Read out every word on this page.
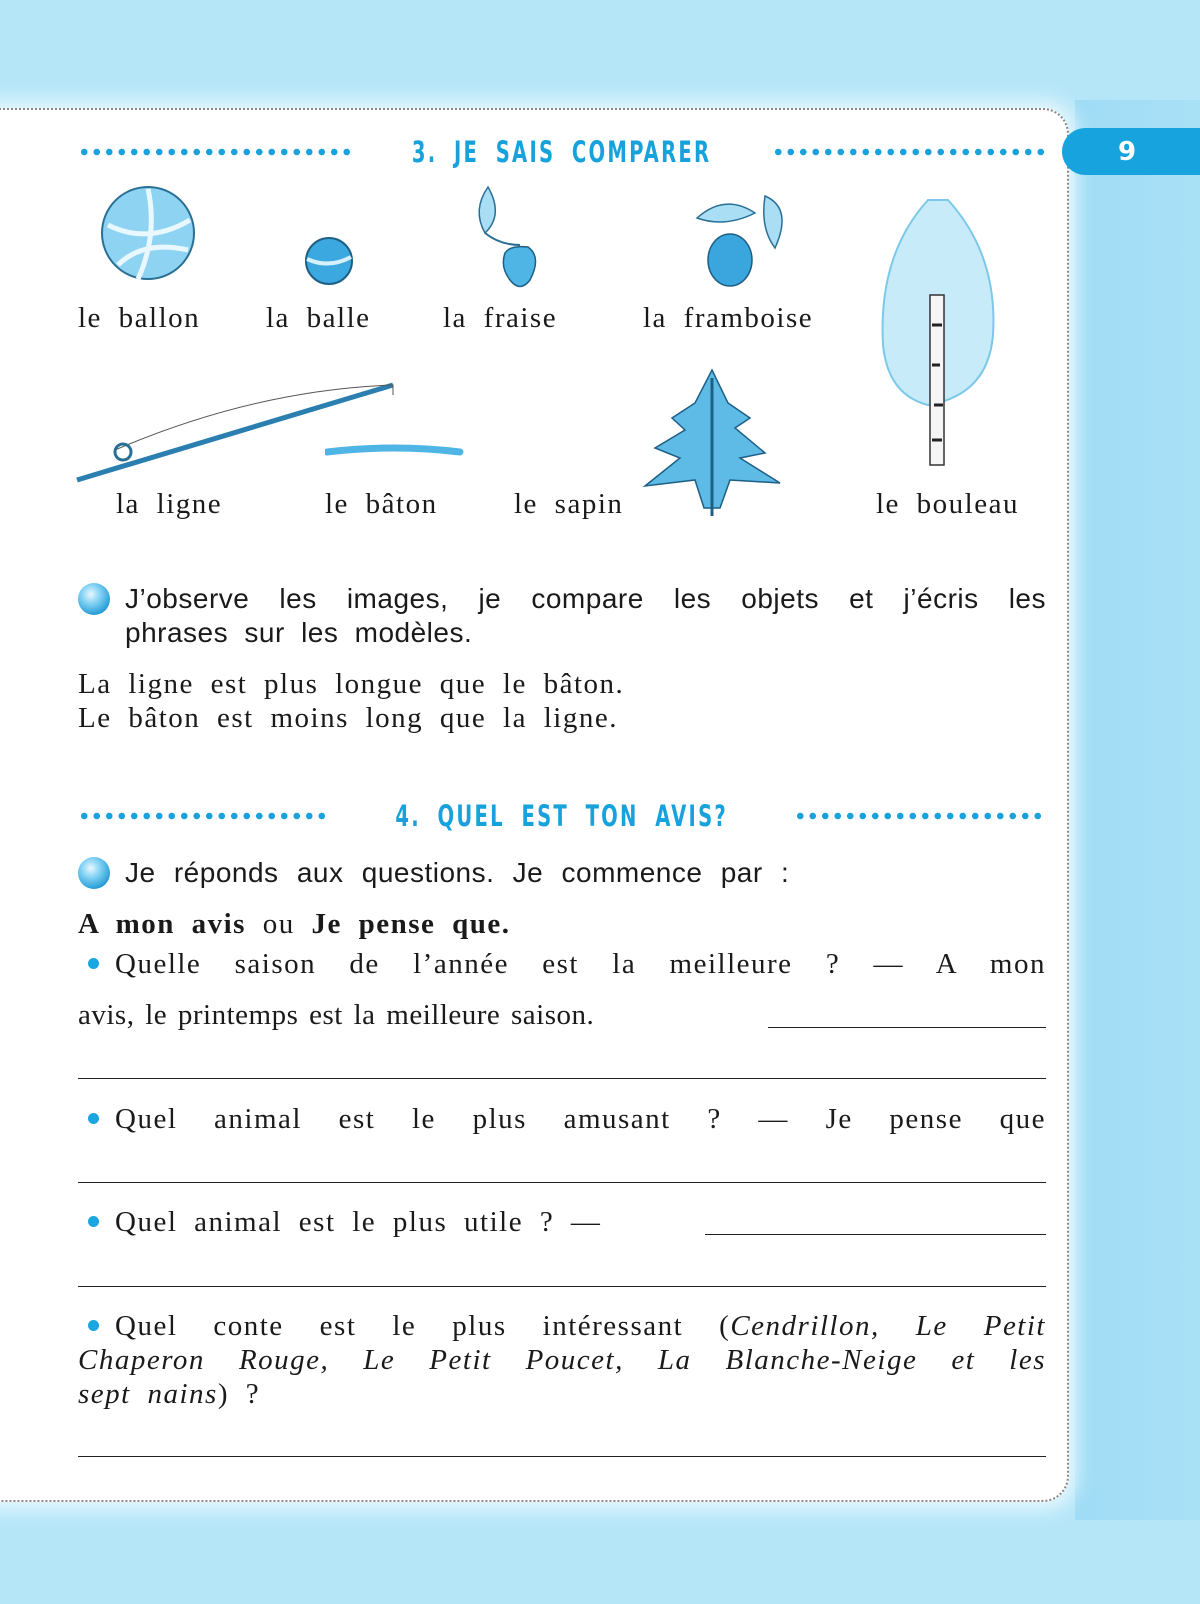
9
3. JE SAIS COMPARER
le ballon la balle la fraise	la framboise
la ligne	le bâton	le sapin	le bouleau
J’observe les images, je compare les objets et j’écris les
phrases sur les modèles.
La ligne est plus longue que le bâton.
Le bâton est moins long que la ligne.
4. QUEL EST TON AVIS?
Je réponds aux questions. Je commence par :
A mon avis ou Je pense que.
Quelle saison de l’année est la meilleure ? — A mon
avis, le printemps est la meilleure saison.
Quel animal est le plus amusant ? — Je pense que
Quel animal est le plus utile ? —
Quel conte est le plus intéressant (Cendrillon, Le Petit
Chaperon Rouge, Le Petit Poucet, La Blanche-Neige et les
sept nains) ?
